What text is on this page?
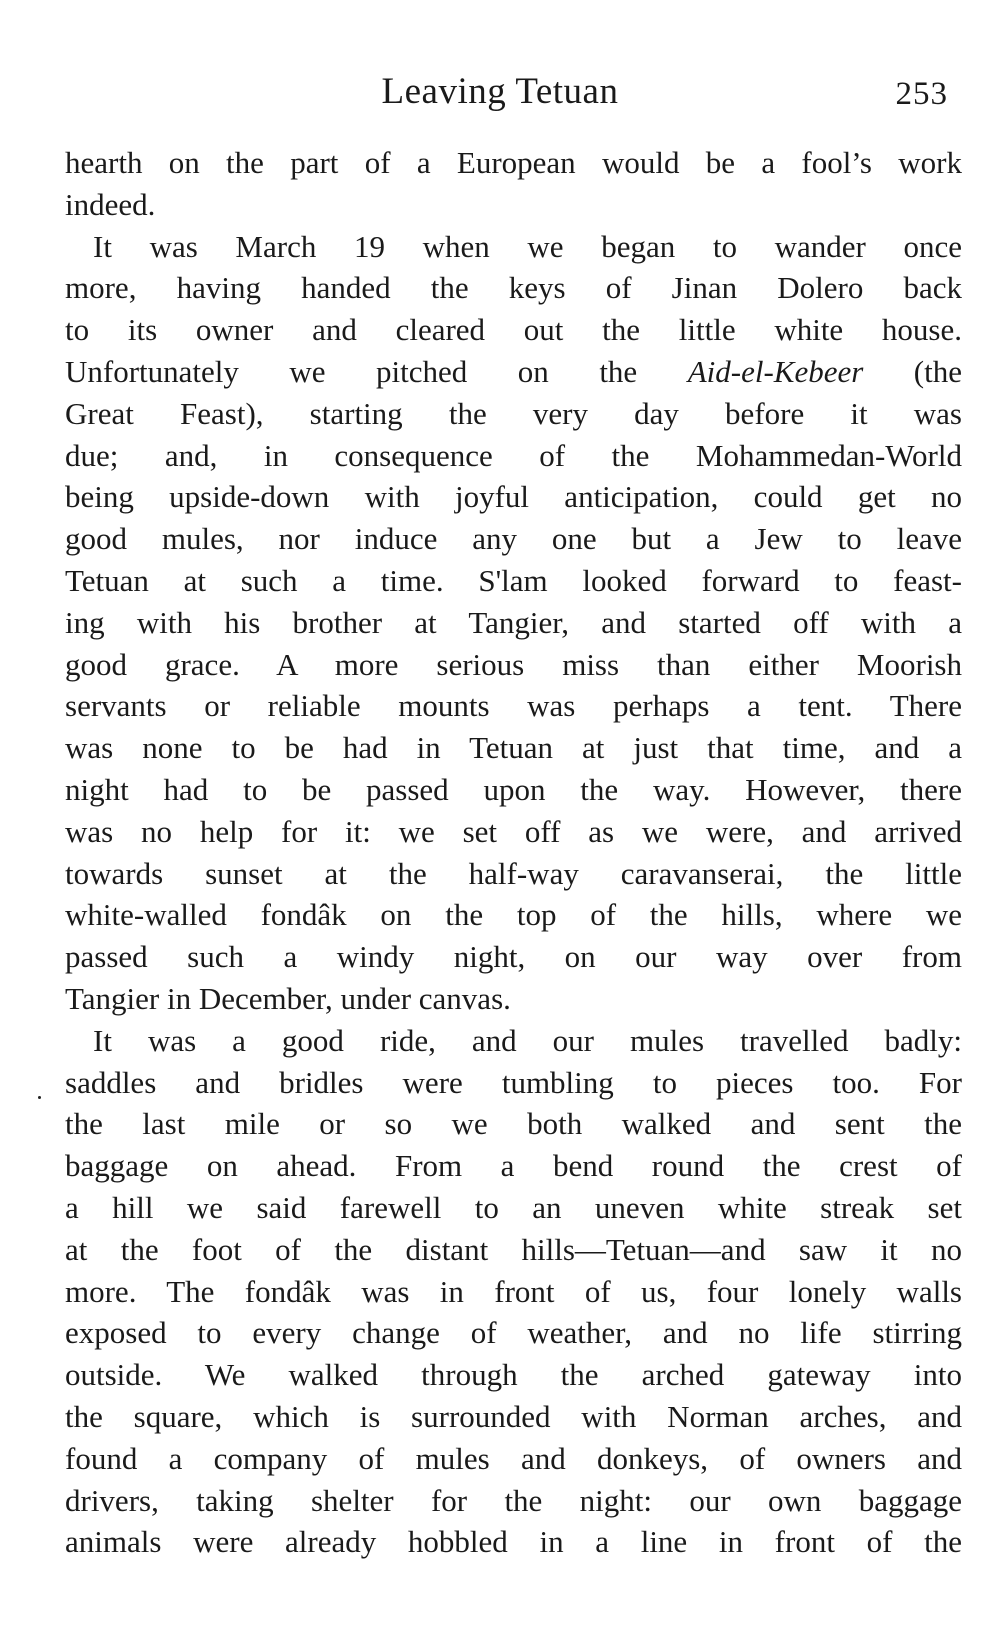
Leaving Tetuan	253
hearth on the part of a European would be a fool’s work
indeed.
It was March 19 when we began to wander once
more, having handed the keys of Jinan Dolero back
to its owner and cleared out the little white house.
Unfortunately we pitched on the Aid-el-Kebeer (the
Great Feast), starting the very day before it was
due; and, in consequence of the Mohammedan-World
being upside-down with joyful anticipation, could get no
good mules, nor induce any one but a Jew to leave
Tetuan at such a time. S'lam looked forward to feast-
ing with his brother at Tangier, and started off with a
good grace. A more serious miss than either Moorish
servants or reliable mounts was perhaps a tent. There
was none to be had in Tetuan at just that time, and a
night had to be passed upon the way. However, there
was no help for it: we set off as we were, and arrived
towards sunset at the half-way caravanserai, the little
white-walled fondâk on the top of the hills, where we
passed such a windy night, on our way over from
Tangier in December, under canvas.
It was a good ride, and our mules travelled badly:
saddles and bridles were tumbling to pieces too. For
the last mile or so we both walked and sent the
baggage on ahead. From a bend round the crest of
a hill we said farewell to an uneven white streak set
at the foot of the distant hills—Tetuan—and saw it no
more. The fondâk was in front of us, four lonely walls
exposed to every change of weather, and no life stirring
outside. We walked through the arched gateway into
the square, which is surrounded with Norman arches, and
found a company of mules and donkeys, of owners and
drivers, taking shelter for the night: our own baggage
animals were already hobbled in a line in front of the
